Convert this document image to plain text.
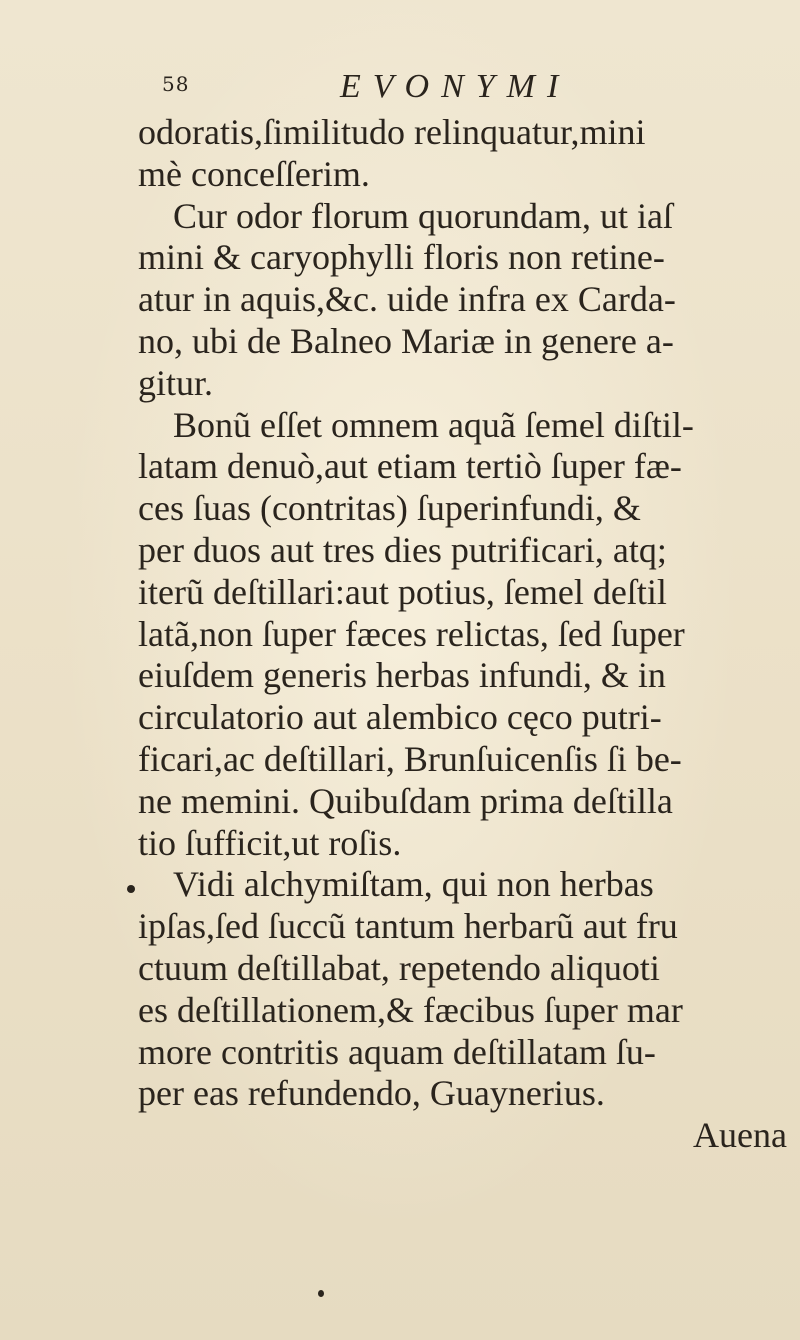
58	EVONYMI
odoratis,ſimilitudo relinquatur,mini
mè conceſſerim.
Cur odor florum quorundam, ut iaſ
mini & caryophylli floris non retine-
atur in aquis,&c. uide infra ex Carda-
no, ubi de Balneo Mariæ in genere a-
gitur.
Bonũ eſſet omnem aquã ſemel diſtil-
latam denuò,aut etiam tertiò ſuper fæ-
ces ſuas (contritas) ſuperinfundi, &
per duos aut tres dies putrificari, atq;
iterũ deſtillari:aut potius, ſemel deſtil
latã,non ſuper fæces relictas, ſed ſuper
eiuſdem generis herbas infundi, & in
circulatorio aut alembico cęco putri-
ficari,ac deſtillari, Brunſuicenſis ſi be-
ne memini. Quibuſdam prima deſtilla
tio ſufficit,ut roſis.
Vidi alchymiſtam, qui non herbas
ipſas,ſed ſuccũ tantum herbarũ aut fru
ctuum deſtillabat, repetendo aliquoti
es deſtillationem,& fæcibus ſuper mar
more contritis aquam deſtillatam ſu-
per eas refundendo, Guaynerius.
Auena
